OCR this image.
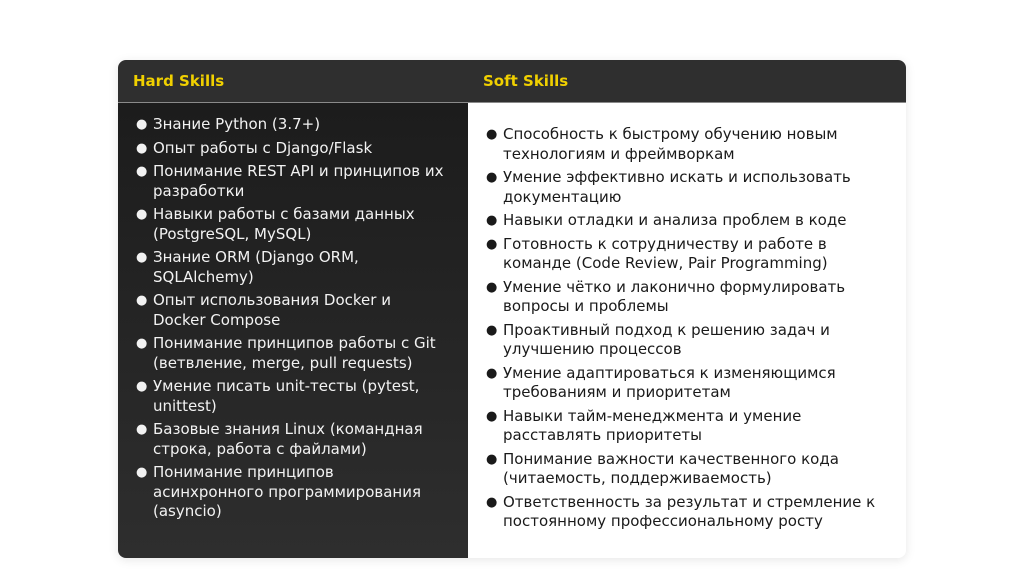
Hard Skills	Soft Skills
● Знание Python (3.7+)
● Опыт работы с Django/Flask
● Понимание REST API и принципов их разработки
● Навыки работы с базами данных (PostgreSQL, MySQL)
● Знание ORM (Django ORM, SQLAlchemy)
● Опыт использования Docker и Docker Compose
● Понимание принципов работы с Git (ветвление, merge, pull requests)
● Умение писать unit-тесты (pytest, unittest)
● Базовые знания Linux (командная строка, работа с файлами)
● Понимание принципов асинхронного программирования (asyncio)
● Способность к быстрому обучению новым технологиям и фреймворкам
● Умение эффективно искать и использовать документацию
● Навыки отладки и анализа проблем в коде
● Готовность к сотрудничеству и работе в команде (Code Review, Pair Programming)
● Умение чётко и лаконично формулировать вопросы и проблемы
● Проактивный подход к решению задач и улучшению процессов
● Умение адаптироваться к изменяющимся требованиям и приоритетам
● Навыки тайм-менеджмента и умение расставлять приоритеты
● Понимание важности качественного кода (читаемость, поддерживаемость)
● Ответственность за результат и стремление к постоянному профессиональному росту
